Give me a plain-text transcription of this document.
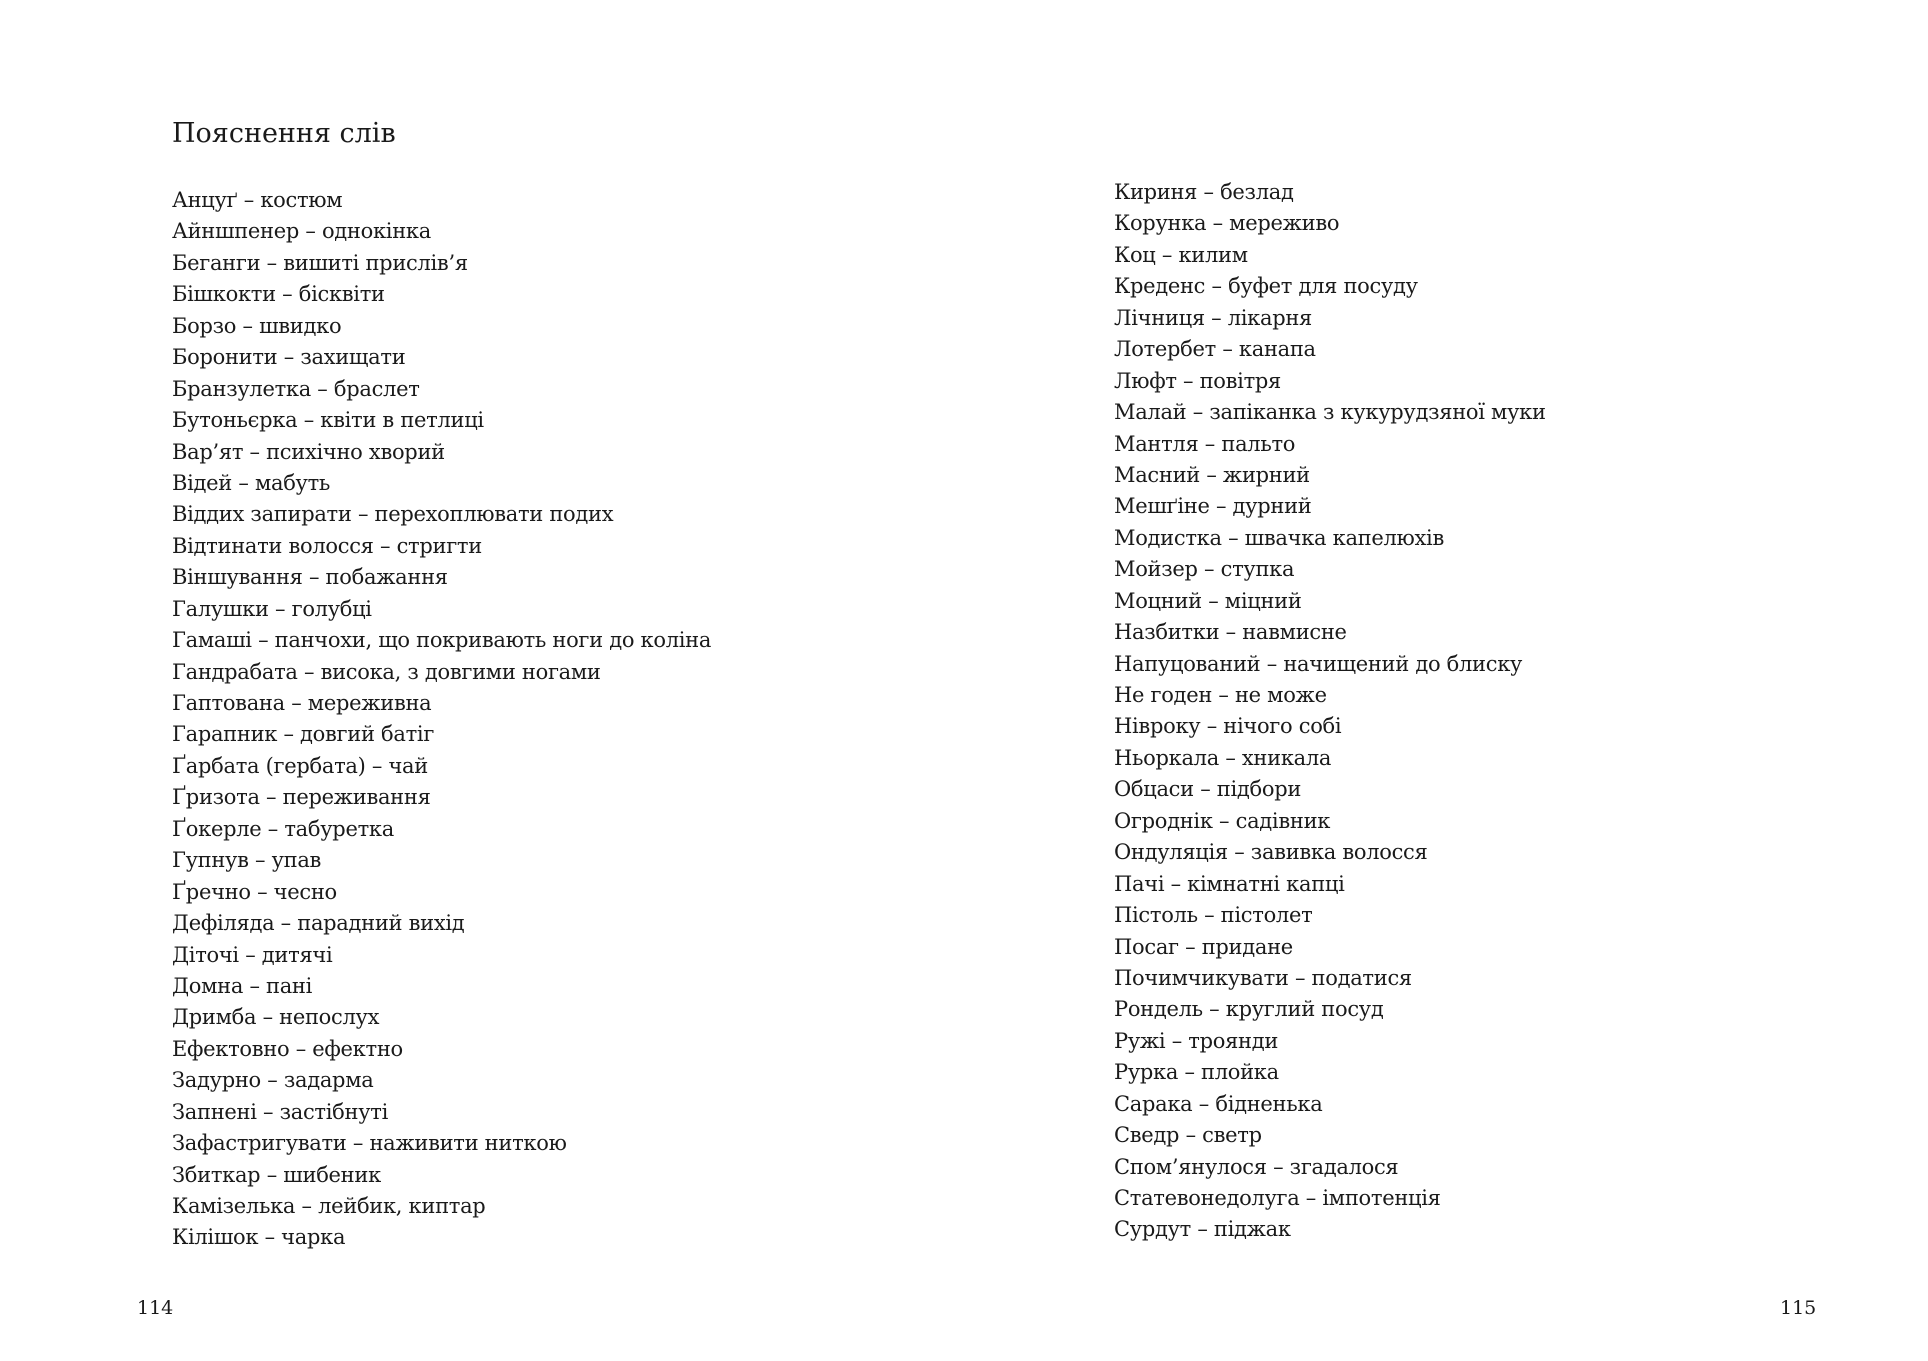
Пояснення слів
Анцуґ – костюм
Айншпенер – однокінка
Беганги – вишиті прислів’я
Бішкокти – бісквіти
Борзо – швидко
Боронити – захищати
Бранзулетка – браслет
Бутоньєрка – квіти в петлиці
Вар’ят – психічно хворий
Відей – мабуть
Віддих запирати – перехоплювати подих
Відтинати волосся – стригти
Віншування – побажання
Галушки – голубці
Гамаші – панчохи, що покривають ноги до коліна
Гандрабата – висока, з довгими ногами
Гаптована – мереживна
Гарапник – довгий батіг
Ґарбата (гербата) – чай
Ґризота – переживання
Ґокерле – табуретка
Гупнув – упав
Ґречно – чесно
Дефіляда – парадний вихід
Діточі – дитячі
Домна – пані
Дримба – непослух
Ефектовно – ефектно
Задурно – задарма
Запнені – застібнуті
Зафастригувати – наживити ниткою
Збиткар – шибеник
Камізелька – лейбик, киптар
Кілішок – чарка
114
Кириня – безлад
Корунка – мереживо
Коц – килим
Креденс – буфет для посуду
Лічниця – лікарня
Лотербет – канапа
Люфт – повітря
Малай – запіканка з кукурудзяної муки
Мантля – пальто
Масний – жирний
Мешґіне – дурний
Модистка – швачка капелюхів
Мойзер – ступка
Моцний – міцний
Назбитки – навмисне
Напуцований – начищений до блиску
Не годен – не може
Нівроку – нічого собі
Ньоркала – хникала
Обцаси – підбори
Огроднік – садівник
Ондуляція – завивка волосся
Пачі – кімнатні капці
Пістоль – пістолет
Посаг – придане
Почимчикувати – податися
Рондель – круглий посуд
Ружі – троянди
Рурка – плойка
Сарака – бідненька
Сведр – светр
Спом’янулося – згадалося
Статевонедолуга – імпотенція
Сурдут – піджак
115
